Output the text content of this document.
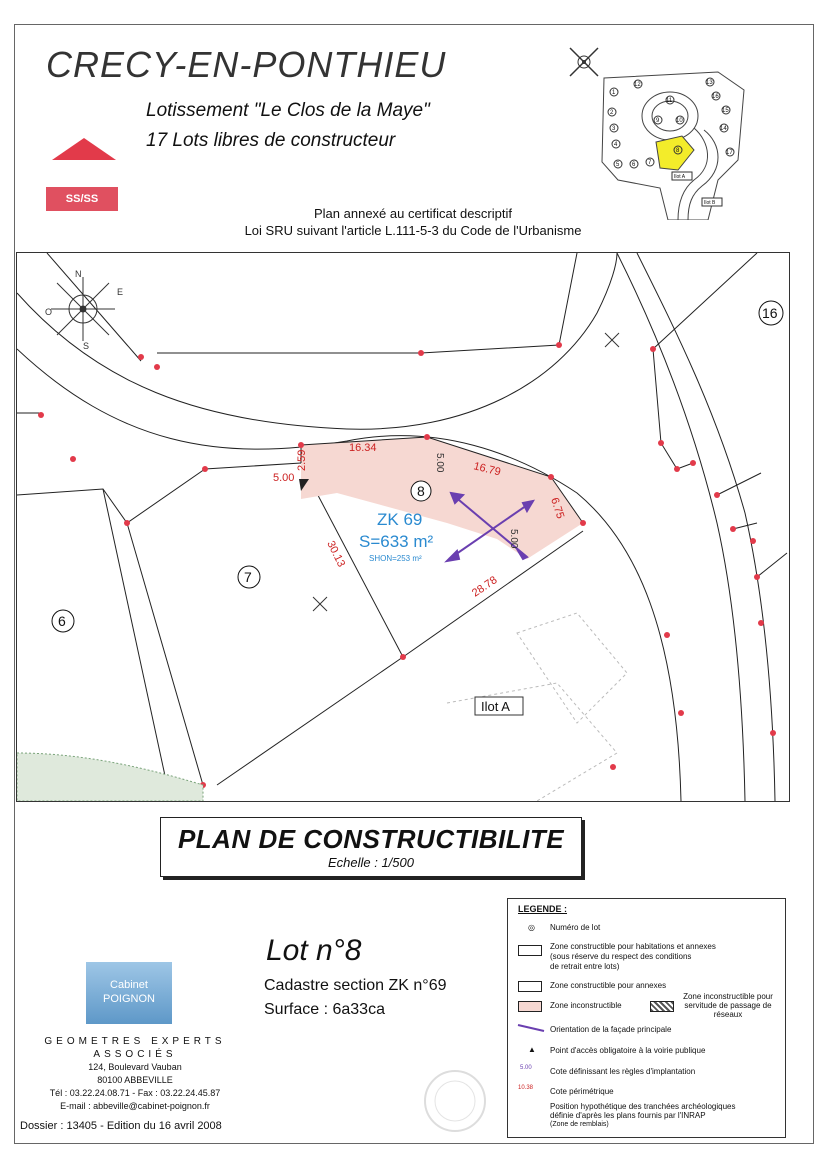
CRECY-EN-PONTHIEU
Lotissement "Le Clos de la Maye"
17 Lots libres de constructeur
SS/SS
Plan annexé au certificat descriptif
Loi SRU suivant l'article L.111-5-3 du Code de l'Urbanisme
1
2
3
4
5 6 7
8
9	10
11
12	13
14
15
16
17
Ilot A
Ilot B
16.34
16.79
6.75
28.78
30.13
5.00
2.59	5.00
5.00
8
7
6
16
ZK 69
S=633 m²
SHON=253 m²
Ilot A
N
O
S
E
PLAN DE CONSTRUCTIBILITE
Echelle : 1/500
Lot n°8
Cadastre section ZK n°69
Surface : 6a33ca
LEGENDE :
◎ Numéro de lot
Zone constructible pour habitations et annexes
(sous réserve du respect des conditions
de retrait entre lots)
Zone constructible pour annexes
Zone inconstructible
Zone inconstructible pour servitude de passage de réseaux
Orientation de la façade principale
▲ Point d'accès obligatoire à la voirie publique
5.00 Cote définissant les règles d'implantation
10.38 Cote périmétrique
Position hypothétique des tranchées archéologiques
définie d'après les plans fournis par l'INRAP
(Zone de remblais)
Cabinet POIGNON
GEOMETRES EXPERTS
ASSOCIÉS
124, Boulevard Vauban
80100 ABBEVILLE
Tél : 03.22.24.08.71 - Fax : 03.22.24.45.87
E-mail : abbeville@cabinet-poignon.fr
Dossier : 13405 - Edition du 16 avril 2008
